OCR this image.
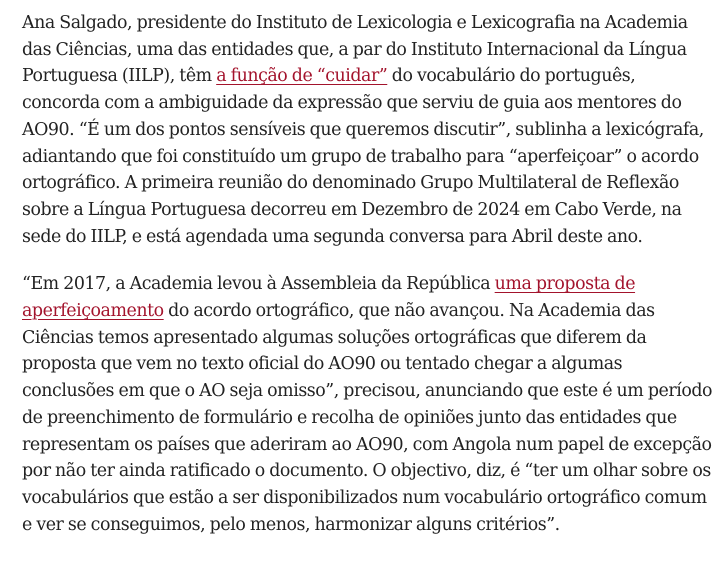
Ana Salgado, presidente do Instituto de Lexicologia e Lexicografia na Academia das Ciências, uma das entidades que, a par do Instituto Internacional da Língua Portuguesa (IILP), têm a função de “cuidar” do vocabulário do português, concorda com a ambiguidade da expressão que serviu de guia aos mentores do AO90. “É um dos pontos sensíveis que queremos discutir”, sublinha a lexicógrafa, adiantando que foi constituído um grupo de trabalho para “aperfeiçoar” o acordo ortográfico. A primeira reunião do denominado Grupo Multilateral de Reflexão sobre a Língua Portuguesa decorreu em Dezembro de 2024 em Cabo Verde, na sede do IILP, e está agendada uma segunda conversa para Abril deste ano.

“Em 2017, a Academia levou à Assembleia da República uma proposta de aperfeiçoamento do acordo ortográfico, que não avançou. Na Academia das Ciências temos apresentado algumas soluções ortográficas que diferem da proposta que vem no texto oficial do AO90 ou tentado chegar a algumas conclusões em que o AO seja omisso”, precisou, anunciando que este é um período de preenchimento de formulário e recolha de opiniões junto das entidades que representam os países que aderiram ao AO90, com Angola num papel de excepção por não ter ainda ratificado o documento. O objectivo, diz, é “ter um olhar sobre os vocabulários que estão a ser disponibilizados num vocabulário ortográfico comum e ver se conseguimos, pelo menos, harmonizar alguns critérios”.
